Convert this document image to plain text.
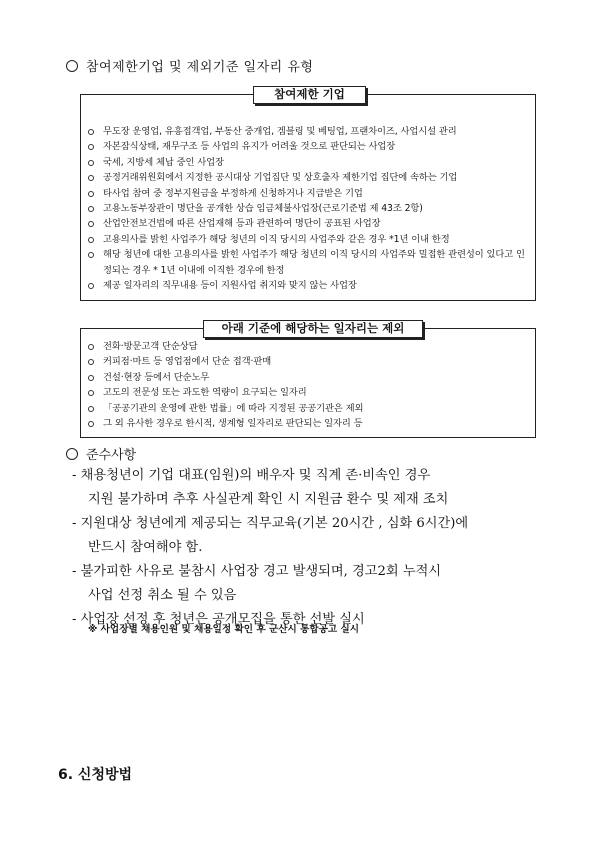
참여제한기업 및 제외기준 일자리 유형
참여제한 기업
무도장 운영업, 유흥접객업, 부동산 중개업, 겜블링 및 베팅업, 프랜차이즈, 사업시설 관리
자본잠식상태, 재무구조 등 사업의 유지가 어려울 것으로 판단되는 사업장
국세, 지방세 체납 중인 사업장
공정거래위원회에서 지정한 공시대상 기업집단 및 상호출자 제한기업 집단에 속하는 기업
타사업 참여 중 정부지원금을 부정하게 신청하거나 지급받은 기업
고용노동부장관이 명단을 공개한 상습 임금체불사업장(근로기준법 제 43조 2항)
산업안전보건법에 따른 산업재해 등과 관련하여 명단이 공표된 사업장
고용의사를 밝힌 사업주가 해당 청년의 이직 당시의 사업주와 같은 경우 *1년 이내 한정
해당 청년에 대한 고용의사를 밝힌 사업주가 해당 청년의 이직 당시의 사업주와 밀접한 관련성이 있다고 인정되는 경우 * 1년 이내에 이직한 경우에 한정
제공 일자리의 직무내용 등이 지원사업 취지와 맞지 않는 사업장
아래 기준에 해당하는 일자리는 제외
전화·방문고객 단순상담
커피점·마트 등 영업점에서 단순 접객·판매
건설·현장 등에서 단순노무
고도의 전문성 또는 과도한 역량이 요구되는 일자리
「공공기관의 운영에 관한 법률」에 따라 지정된 공공기관은 제외
그 외 유사한 경우로 한시적, 생계형 일자리로 판단되는 일자리 등
준수사항
- 채용청년이 기업 대표(임원)의 배우자 및 직계 존·비속인 경우
지원 불가하며 추후 사실관계 확인 시 지원금 환수 및 제재 조치
- 지원대상 청년에게 제공되는 직무교육(기본 20시간 , 심화 6시간)에
반드시 참여해야 함.
- 불가피한 사유로 불참시 사업장 경고 발생되며, 경고2회 누적시
사업 선정 취소 될 수 있음
- 사업장 선정 후 청년은 공개모집을 통한 선발 실시
※ 사업장별 채용인원 및 채용일정 확인 후 군산시 통합공고 실시
6. 신청방법
